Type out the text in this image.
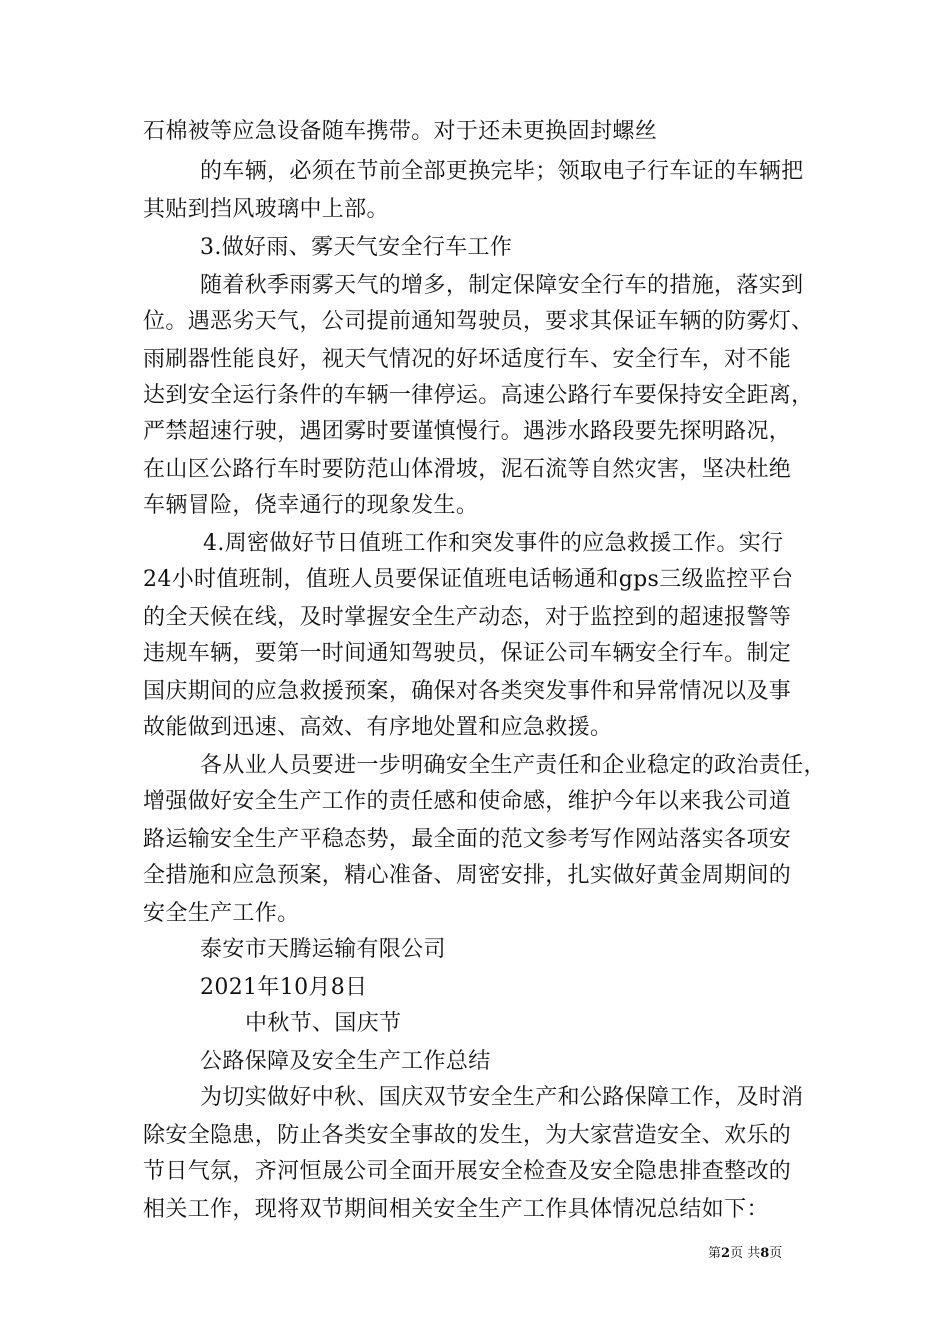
石棉被等应急设备随车携带。对于还未更换固封螺丝
的车辆，必须在节前全部更换完毕；领取电子行车证的车辆把
其贴到挡风玻璃中上部。
3.做好雨、雾天气安全行车工作
随着秋季雨雾天气的增多，制定保障安全行车的措施，落实到
位。遇恶劣天气，公司提前通知驾驶员，要求其保证车辆的防雾灯、
雨刷器性能良好，视天气情况的好坏适度行车、安全行车，对不能
达到安全运行条件的车辆一律停运。高速公路行车要保持安全距离，
严禁超速行驶，遇团雾时要谨慎慢行。遇涉水路段要先探明路况，
在山区公路行车时要防范山体滑坡，泥石流等自然灾害，坚决杜绝
车辆冒险，侥幸通行的现象发生。
4.周密做好节日值班工作和突发事件的应急救援工作。实行
24小时值班制，值班人员要保证值班电话畅通和gps三级监控平台
的全天候在线，及时掌握安全生产动态，对于监控到的超速报警等
违规车辆，要第一时间通知驾驶员，保证公司车辆安全行车。制定
国庆期间的应急救援预案，确保对各类突发事件和异常情况以及事
故能做到迅速、高效、有序地处置和应急救援。
各从业人员要进一步明确安全生产责任和企业稳定的政治责任，
增强做好安全生产工作的责任感和使命感，维护今年以来我公司道
路运输安全生产平稳态势，最全面的范文参考写作网站落实各项安
全措施和应急预案，精心准备、周密安排，扎实做好黄金周期间的
安全生产工作。
泰安市天腾运输有限公司
2021年10月8日
中秋节、国庆节
公路保障及安全生产工作总结
为切实做好中秋、国庆双节安全生产和公路保障工作，及时消
除安全隐患，防止各类安全事故的发生，为大家营造安全、欢乐的
节日气氛，齐河恒晟公司全面开展安全检查及安全隐患排查整改的
相关工作，现将双节期间相关安全生产工作具体情况总结如下：
第2页 共8页
